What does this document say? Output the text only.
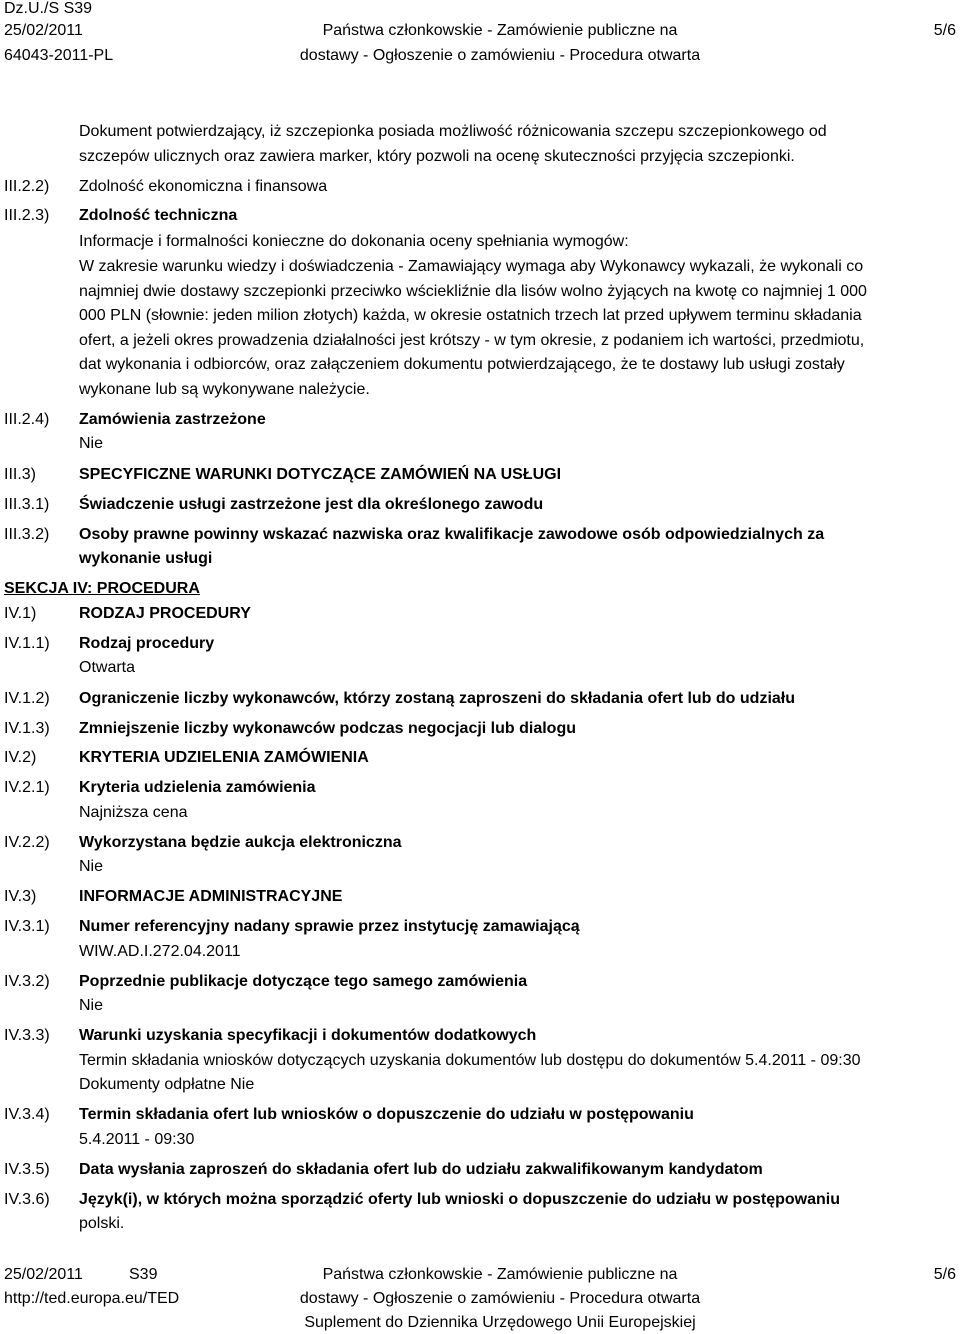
Dz.U./S S39
25/02/2011
64043-2011-PL
Państwa członkowskie - Zamówienie publiczne na
dostawy - Ogłoszenie o zamówieniu - Procedura otwarta
5/6
Dokument potwierdzający, iż szczepionka posiada możliwość różnicowania szczepu szczepionkowego od
szczepów ulicznych oraz zawiera marker, który pozwoli na ocenę skuteczności przyjęcia szczepionki.
III.2.2) Zdolność ekonomiczna i finansowa
III.2.3) Zdolność techniczna
Informacje i formalności konieczne do dokonania oceny spełniania wymogów:
W zakresie warunku wiedzy i doświadczenia - Zamawiający wymaga aby Wykonawcy wykazali, że wykonali co
najmniej dwie dostawy szczepionki przeciwko wściekliźnie dla lisów wolno żyjących na kwotę co najmniej 1 000
000 PLN (słownie: jeden milion złotych) każda, w okresie ostatnich trzech lat przed upływem terminu składania
ofert, a jeżeli okres prowadzenia działalności jest krótszy - w tym okresie, z podaniem ich wartości, przedmiotu,
dat wykonania i odbiorców, oraz załączeniem dokumentu potwierdzającego, że te dostawy lub usługi zostały
wykonane lub są wykonywane należycie.
III.2.4) Zamówienia zastrzeżone
Nie
III.3)	SPECYFICZNE WARUNKI DOTYCZĄCE ZAMÓWIEŃ NA USŁUGI
III.3.1) Świadczenie usługi zastrzeżone jest dla określonego zawodu
III.3.2) Osoby prawne powinny wskazać nazwiska oraz kwalifikacje zawodowe osób odpowiedzialnych za
wykonanie usługi
SEKCJA IV: PROCEDURA
IV.1)	RODZAJ PROCEDURY
IV.1.1) Rodzaj procedury
Otwarta
IV.1.2) Ograniczenie liczby wykonawców, którzy zostaną zaproszeni do składania ofert lub do udziału
IV.1.3) Zmniejszenie liczby wykonawców podczas negocjacji lub dialogu
IV.2)	KRYTERIA UDZIELENIA ZAMÓWIENIA
IV.2.1) Kryteria udzielenia zamówienia
Najniższa cena
IV.2.2) Wykorzystana będzie aukcja elektroniczna
Nie
IV.3)	INFORMACJE ADMINISTRACYJNE
IV.3.1) Numer referencyjny nadany sprawie przez instytucję zamawiającą
WIW.AD.I.272.04.2011
IV.3.2) Poprzednie publikacje dotyczące tego samego zamówienia
Nie
IV.3.3) Warunki uzyskania specyfikacji i dokumentów dodatkowych
Termin składania wniosków dotyczących uzyskania dokumentów lub dostępu do dokumentów 5.4.2011 - 09:30
Dokumenty odpłatne Nie
IV.3.4) Termin składania ofert lub wniosków o dopuszczenie do udziału w postępowaniu
5.4.2011 - 09:30
IV.3.5) Data wysłania zaproszeń do składania ofert lub do udziału zakwalifikowanym kandydatom
IV.3.6) Język(i), w których można sporządzić oferty lub wnioski o dopuszczenie do udziału w postępowaniu
polski.
25/02/2011	S39
http://ted.europa.eu/TED
Państwa członkowskie - Zamówienie publiczne na
dostawy - Ogłoszenie o zamówieniu - Procedura otwarta
Suplement do Dziennika Urzędowego Unii Europejskiej
5/6
